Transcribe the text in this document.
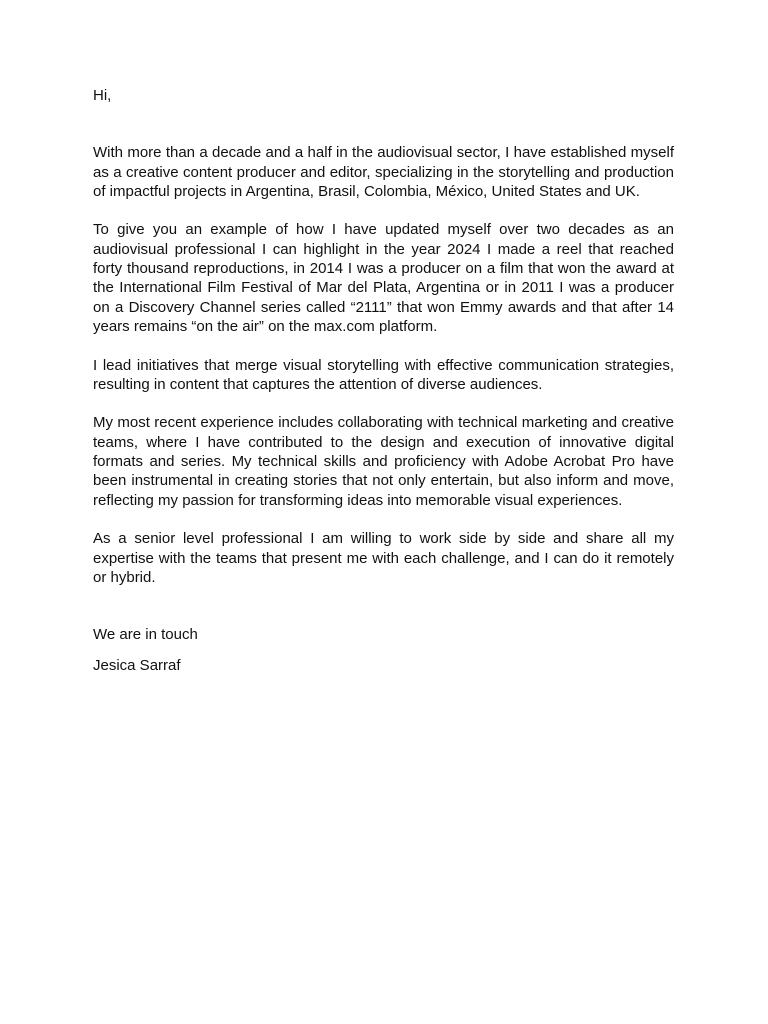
Hi,

With more than a decade and a half in the audiovisual sector, I have established myself as a creative content producer and editor, specializing in the storytelling and production of impactful projects in Argentina, Brasil, Colombia, México, United States and UK.

To give you an example of how I have updated myself over two decades as an audiovisual professional I can highlight in the year 2024 I made a reel that reached forty thousand reproductions, in 2014 I was a producer on a film that won the award at the International Film Festival of Mar del Plata, Argentina or in 2011 I was a producer on a Discovery Channel series called “2111” that won Emmy awards and that after 14 years remains “on the air” on the max.com platform.

I lead initiatives that merge visual storytelling with effective communication strategies, resulting in content that captures the attention of diverse audiences.

My most recent experience includes collaborating with technical marketing and creative teams, where I have contributed to the design and execution of innovative digital formats and series. My technical skills and proficiency with Adobe Acrobat Pro have been instrumental in creating stories that not only entertain, but also inform and move, reflecting my passion for transforming ideas into memorable visual experiences.

As a senior level professional I am willing to work side by side and share all my expertise with the teams that present me with each challenge, and I can do it remotely or hybrid.

We are in touch

Jesica Sarraf
